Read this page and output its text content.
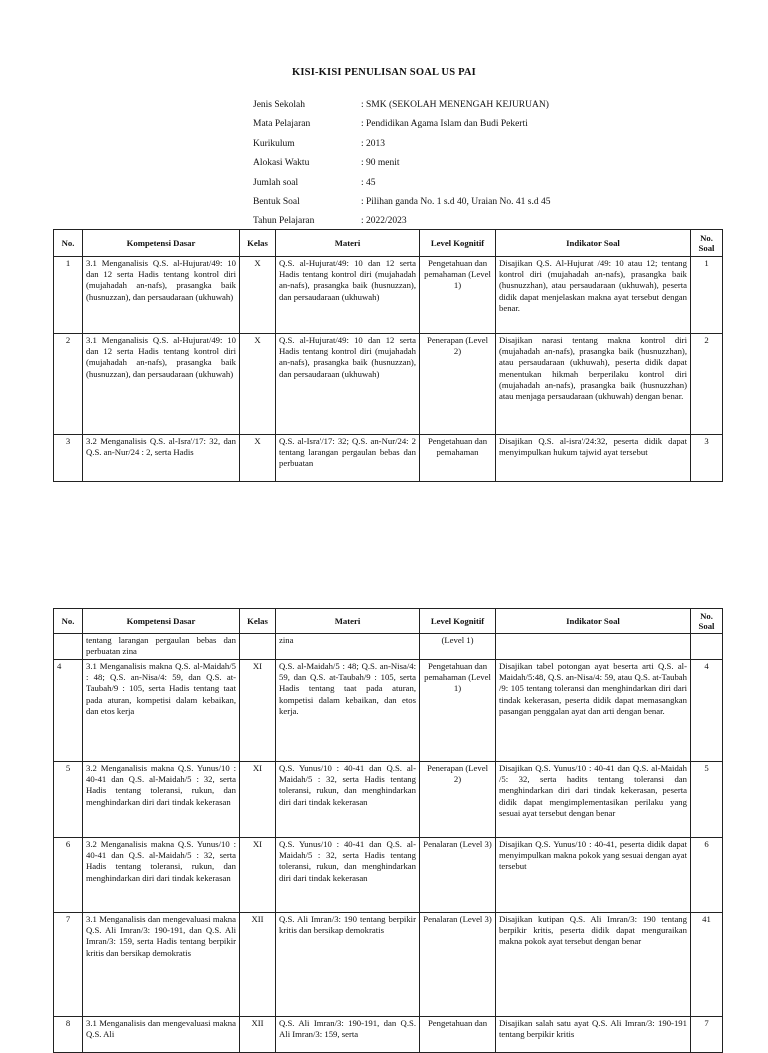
KISI-KISI PENULISAN SOAL US PAI
Jenis Sekolah	: SMK (SEKOLAH MENENGAH KEJURUAN)
Mata Pelajaran	: Pendidikan Agama Islam dan Budi Pekerti
Kurikulum	: 2013
Alokasi Waktu	: 90 menit
Jumlah soal	: 45
Bentuk Soal	: Pilihan ganda No. 1 s.d 40, Uraian No. 41 s.d 45
Tahun Pelajaran	: 2022/2023
No.	Kompetensi Dasar	Kelas	Materi	Level Kognitif	Indikator Soal	No. Soal
1	3.1 Menganalisis Q.S. al-Hujurat/49: 10 dan 12 serta Hadis tentang kontrol diri (mujahadah an-nafs), prasangka baik (husnuzzan), dan persaudaraan (ukhuwah)	X	Q.S. al-Hujurat/49: 10 dan 12 serta Hadis tentang kontrol diri (mujahadah an-nafs), prasangka baik (husnuzzan), dan persaudaraan (ukhuwah)	Pengetahuan dan pemahaman (Level 1)	Disajikan Q.S. Al-Hujurat /49: 10 atau 12; tentang kontrol diri (mujahadah an-nafs), prasangka baik (husnuzzhan), atau persaudaraan (ukhuwah), peserta didik dapat menjelaskan makna ayat tersebut dengan benar.	1
2	3.1 Menganalisis Q.S. al-Hujurat/49: 10 dan 12 serta Hadis tentang kontrol diri (mujahadah an-nafs), prasangka baik (husnuzzan), dan persaudaraan (ukhuwah)	X	Q.S. al-Hujurat/49: 10 dan 12 serta Hadis tentang kontrol diri (mujahadah an-nafs), prasangka baik (husnuzzan), dan persaudaraan (ukhuwah)	Penerapan (Level 2)	Disajikan narasi tentang makna kontrol diri (mujahadah an-nafs), prasangka baik (husnuzzhan), atau persaudaraan (ukhuwah), peserta didik dapat menentukan hikmah berperilaku kontrol diri (mujahadah an-nafs), prasangka baik (husnuzzhan) atau menjaga persaudaraan (ukhuwah) dengan benar.	2
3	3.2 Menganalisis Q.S. al-Isra'/17: 32, dan Q.S. an-Nur/24 : 2, serta Hadis	X	Q.S. al-Isra'/17: 32; Q.S. an-Nur/24: 2 tentang larangan pergaulan bebas dan perbuatan	Pengetahuan dan pemahaman	Disajikan Q.S. al-isra'/24:32, peserta didik dapat menyimpulkan hukum tajwid ayat tersebut	3
No.	Kompetensi Dasar	Kelas	Materi	Level Kognitif	Indikator Soal	No. Soal
	tentang larangan pergaulan bebas dan perbuatan zina		zina	(Level 1)		
4	3.1 Menganalisis makna Q.S. al-Maidah/5 : 48; Q.S. an-Nisa/4: 59, dan Q.S. at-Taubah/9 : 105, serta Hadis tentang taat pada aturan, kompetisi dalam kebaikan, dan etos kerja	XI	Q.S. al-Maidah/5 : 48; Q.S. an-Nisa/4: 59, dan Q.S. at-Taubah/9 : 105, serta Hadis tentang taat pada aturan, kompetisi dalam kebaikan, dan etos kerja.	Pengetahuan dan pemahaman (Level 1)	Disajikan tabel potongan ayat beserta arti Q.S. al-Maidah/5:48, Q.S. an-Nisa/4: 59, atau Q.S. at-Taubah /9: 105 tentang toleransi dan menghindarkan diri dari tindak kekerasan, peserta didik dapat memasangkan pasangan penggalan ayat dan arti dengan benar.	4
5	3.2 Menganalisis makna Q.S. Yunus/10 : 40-41 dan Q.S. al-Maidah/5 : 32, serta Hadis tentang toleransi, rukun, dan menghindarkan diri dari tindak kekerasan	XI	Q.S. Yunus/10 : 40-41 dan Q.S. al-Maidah/5 : 32, serta Hadis tentang toleransi, rukun, dan menghindarkan diri dari tindak kekerasan	Penerapan (Level 2)	Disajikan Q.S. Yunus/10 : 40-41 dan Q.S. al-Maidah /5: 32, serta hadits tentang toleransi dan menghindarkan diri dari tindak kekerasan, peserta didik dapat mengimplementasikan perilaku yang sesuai ayat tersebut dengan benar	5
6	3.2 Menganalisis makna Q.S. Yunus/10 : 40-41 dan Q.S. al-Maidah/5 : 32, serta Hadis tentang toleransi, rukun, dan menghindarkan diri dari tindak kekerasan	XI	Q.S. Yunus/10 : 40-41 dan Q.S. al-Maidah/5 : 32, serta Hadis tentang toleransi, rukun, dan menghindarkan diri dari tindak kekerasan	Penalaran (Level 3)	Disajikan Q.S. Yunus/10 : 40-41, peserta didik dapat menyimpulkan makna pokok yang sesuai dengan ayat tersebut	6
7	3.1 Menganalisis dan mengevaluasi makna Q.S. Ali Imran/3: 190-191, dan Q.S. Ali Imran/3: 159, serta Hadis tentang berpikir kritis dan bersikap demokratis	XII	Q.S. Ali Imran/3: 190 tentang berpikir kritis dan bersikap demokratis	Penalaran (Level 3)	Disajikan kutipan Q.S. Ali Imran/3: 190 tentang berpikir kritis, peserta didik dapat menguraikan makna pokok ayat tersebut dengan benar	41
8	3.1 Menganalisis dan mengevaluasi makna Q.S. Ali	XII	Q.S. Ali Imran/3: 190-191, dan Q.S. Ali Imran/3: 159, serta	Pengetahuan dan	Disajikan salah satu ayat Q.S. Ali Imran/3: 190-191 tentang berpikir kritis	7
